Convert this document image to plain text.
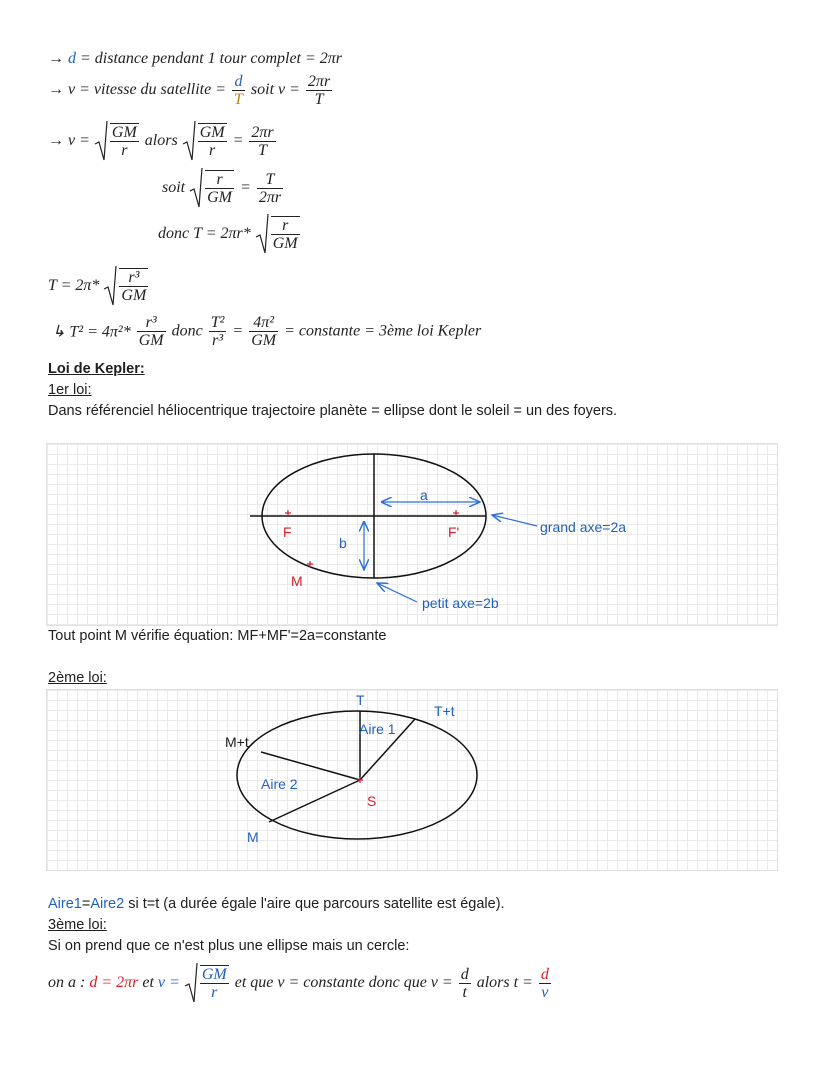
→ d = distance pendant 1 tour complet = 2πr
→ v = vitesse du satellite = $\frac{d}{T}$ soit $v = \frac{2\pi r}{T}$
→ $v = \frac{GM}{r}$ alors $\frac{GM}{r} = \frac{2\pi r}{T}$
soit $\frac{r}{GM} = \frac{T}{2\pi r}$
donc $T = 2\pi r* \frac{r}{GM}$
$T = 2\pi* \frac{\text{r³}}{GM}$
↳ $T^2 = 4\pi^2* \frac{\text{r³}}{GM}$ donc $\frac{\text{T²}}{\text{r³}} = \frac{\text{4π²}}{GM}$ = constante = 3ème loi Kepler
Loi de Kepler:
1er loi:
Dans référenciel héliocentrique trajectoire planète = ellipse dont le soleil = un des foyers.
a
F	F'
b
M
grand axe=2a
petit axe=2b
Tout point M vérifie équation: MF+MF'=2a=constante
2ème loi:
T
T+t
M+t
Aire 1
Aire 2
S
M
Aire1=Aire2 si t=t (a durée égale l'aire que parcours satellite est égale).
3ème loi:
Si on prend que ce n'est plus une ellipse mais un cercle:
on a : d = 2πr et $v = \frac{GM}{r}$ et que v = constante donc que $v = \frac{d}{t}$ alors $t = \frac{d}{v}$
